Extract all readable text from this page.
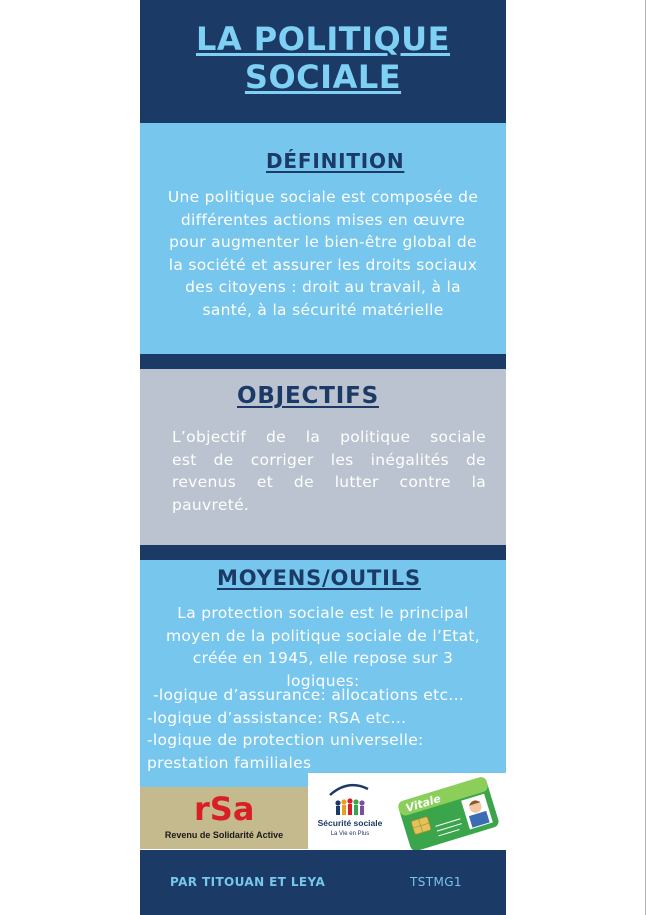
LA POLITIQUE
SOCIALE
DÉFINITION
Une politique sociale est composée de
différentes actions mises en œuvre
pour augmenter le bien-être global de
la société et assurer les droits sociaux
des citoyens : droit au travail, à la
santé, à la sécurité matérielle
OBJECTIFS
L’objectif de la politique sociale
est de corriger les inégalités de
revenus et de lutter contre la
pauvreté.
MOYENS/OUTILS
La protection sociale est le principal
moyen de la politique sociale de l’Etat,
créée en 1945, elle repose sur 3
logiques:
-logique d’assurance: allocations etc...
-logique d’assistance: RSA etc...
-logique de protection universelle:
prestation familiales
rSa
Revenu de Solidarité Active
Sécurité sociale
La Vie en Plus
Vitale
PAR TITOUAN ET LEYA	TSTMG1
